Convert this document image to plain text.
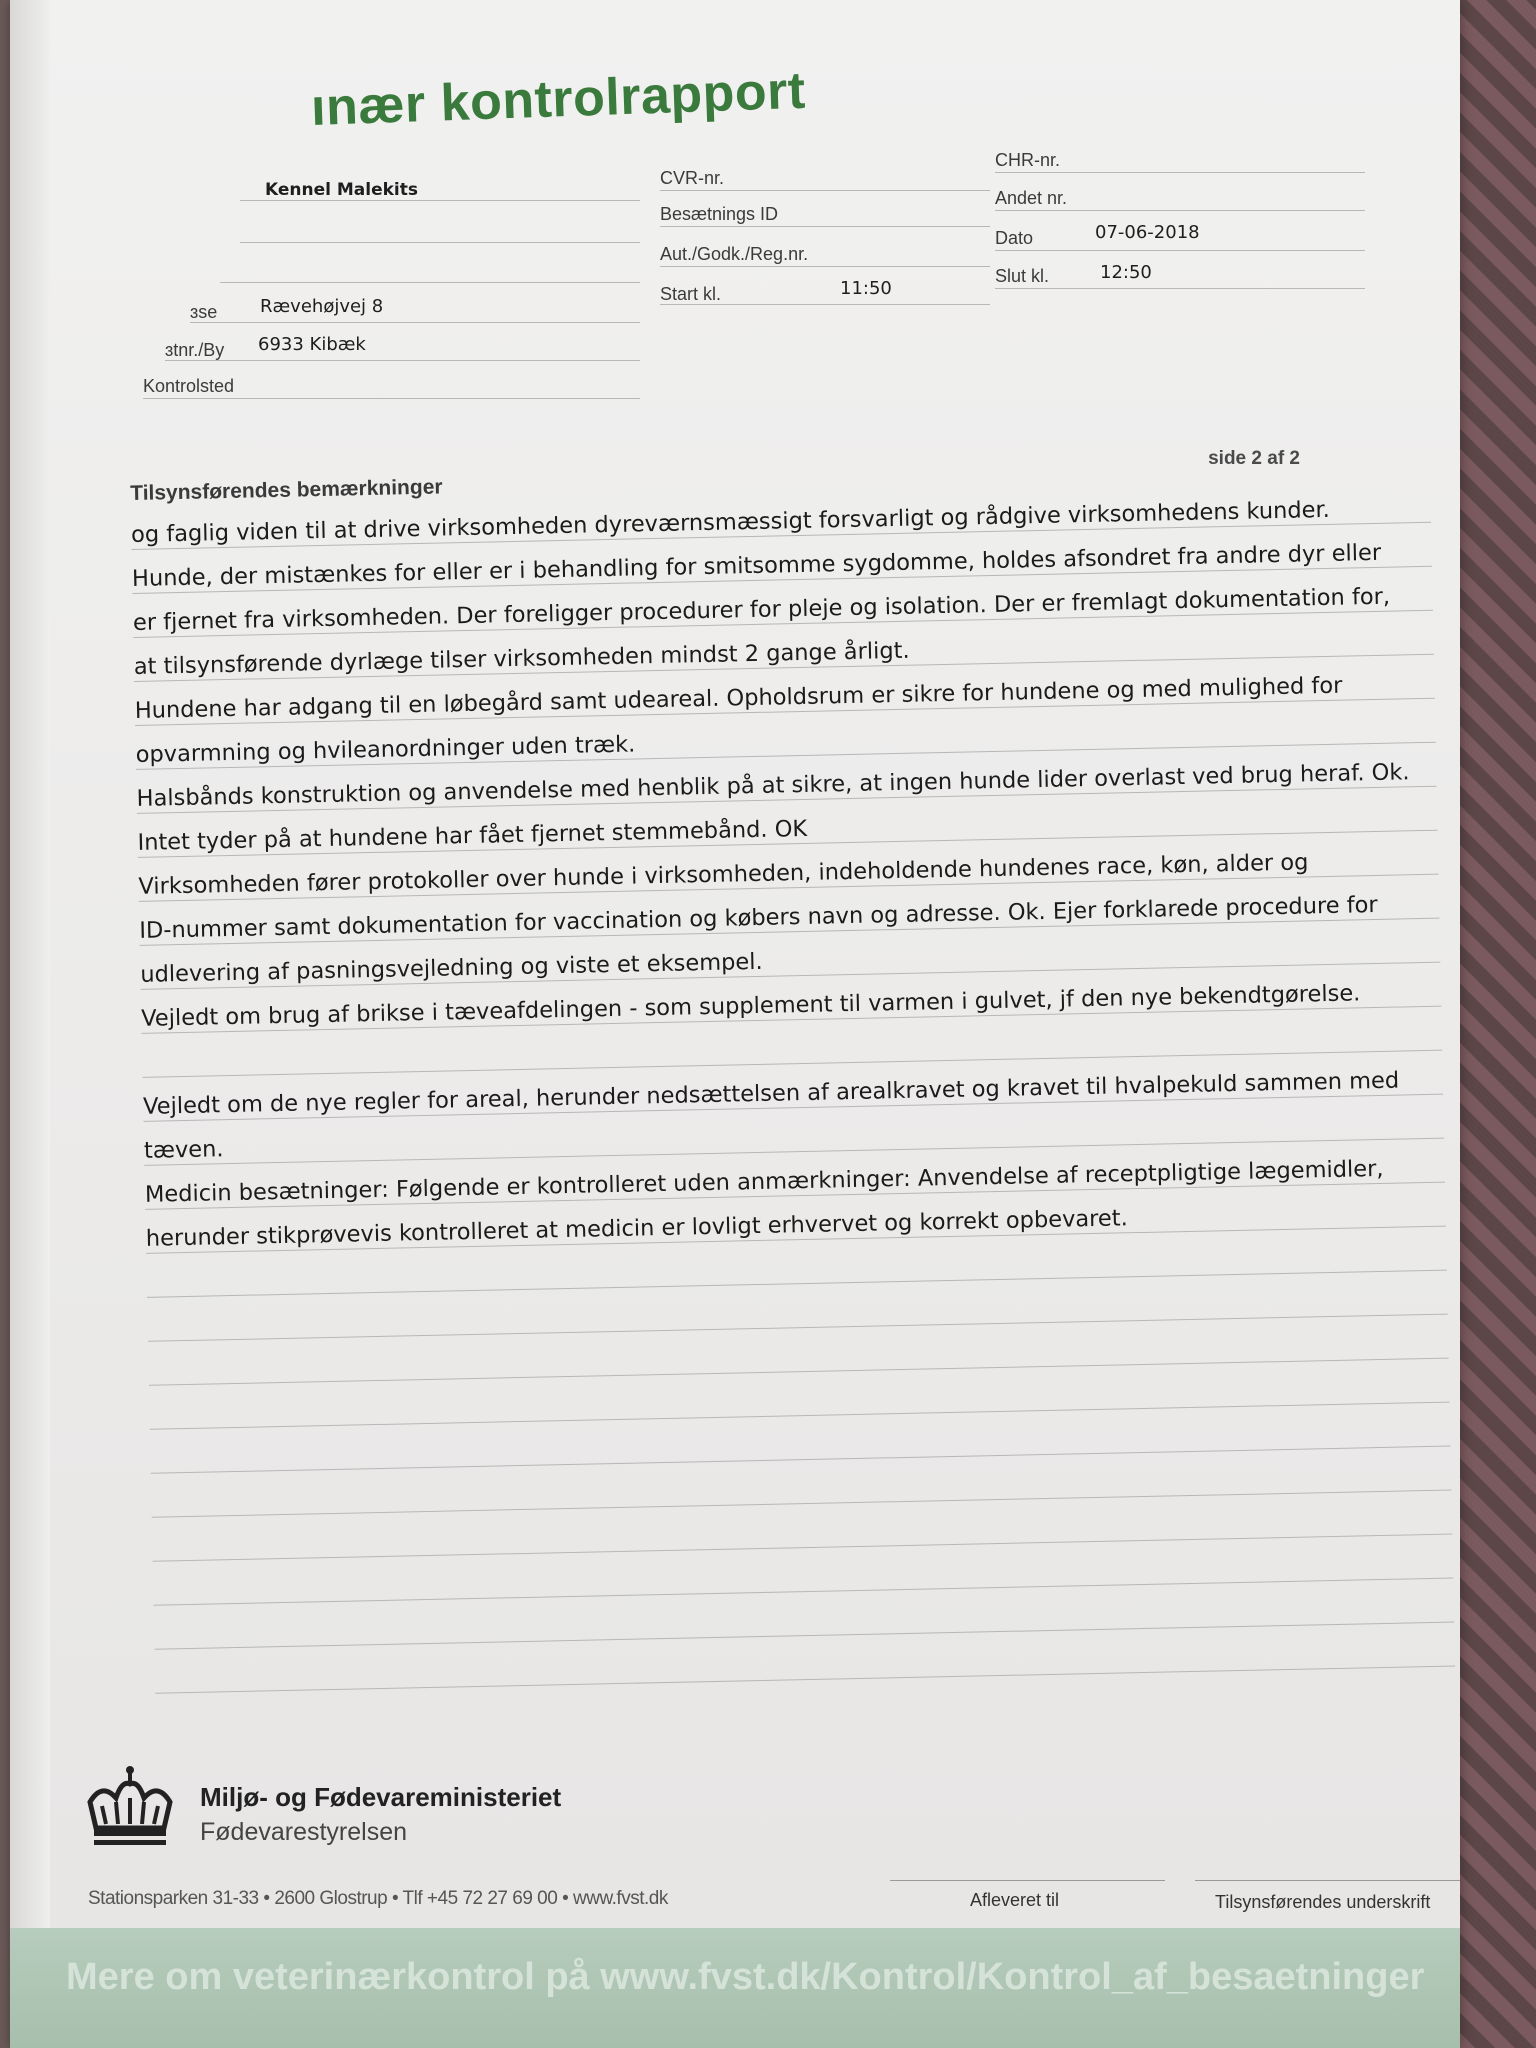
ınær kontrolrapport
Kennel Malekits
ɜse Rævehøjvej 8
ɜtnr./By 6933 Kibæk
Kontrolsted
CVR-nr.
Besætnings ID
Aut./Godk./Reg.nr.
Start kl.	11:50
CHR-nr.
Andet nr.
Dato	07-06-2018
Slut kl.	12:50
side 2 af 2
Tilsynsførendes bemærkninger
og faglig viden til at drive virksomheden dyreværnsmæssigt forsvarligt og rådgive virksomhedens kunder.
Hunde, der mistænkes for eller er i behandling for smitsomme sygdomme, holdes afsondret fra andre dyr eller
er fjernet fra virksomheden. Der foreligger procedurer for pleje og isolation. Der er fremlagt dokumentation for,
at tilsynsførende dyrlæge tilser virksomheden mindst 2 gange årligt.
Hundene har adgang til en løbegård samt udeareal. Opholdsrum er sikre for hundene og med mulighed for
opvarmning og hvileanordninger uden træk.
Halsbånds konstruktion og anvendelse med henblik på at sikre, at ingen hunde lider overlast ved brug heraf. Ok.
Intet tyder på at hundene har fået fjernet stemmebånd. OK
Virksomheden fører protokoller over hunde i virksomheden, indeholdende hundenes race, køn, alder og
ID-nummer samt dokumentation for vaccination og købers navn og adresse. Ok. Ejer forklarede procedure for
udlevering af pasningsvejledning og viste et eksempel.
Vejledt om brug af brikse i tæveafdelingen - som supplement til varmen i gulvet, jf den nye bekendtgørelse.
Vejledt om de nye regler for areal, herunder nedsættelsen af arealkravet og kravet til hvalpekuld sammen med
tæven.
Medicin besætninger: Følgende er kontrolleret uden anmærkninger: Anvendelse af receptpligtige lægemidler,
herunder stikprøvevis kontrolleret at medicin er lovligt erhvervet og korrekt opbevaret.
Miljø- og Fødevareministeriet
Fødevarestyrelsen
Stationsparken 31-33 • 2600 Glostrup • Tlf +45 72 27 69 00 • www.fvst.dk	Afleveret til	Tilsynsførendes underskrift
Mere om veterinærkontrol på www.fvst.dk/Kontrol/Kontrol_af_besaetninger
